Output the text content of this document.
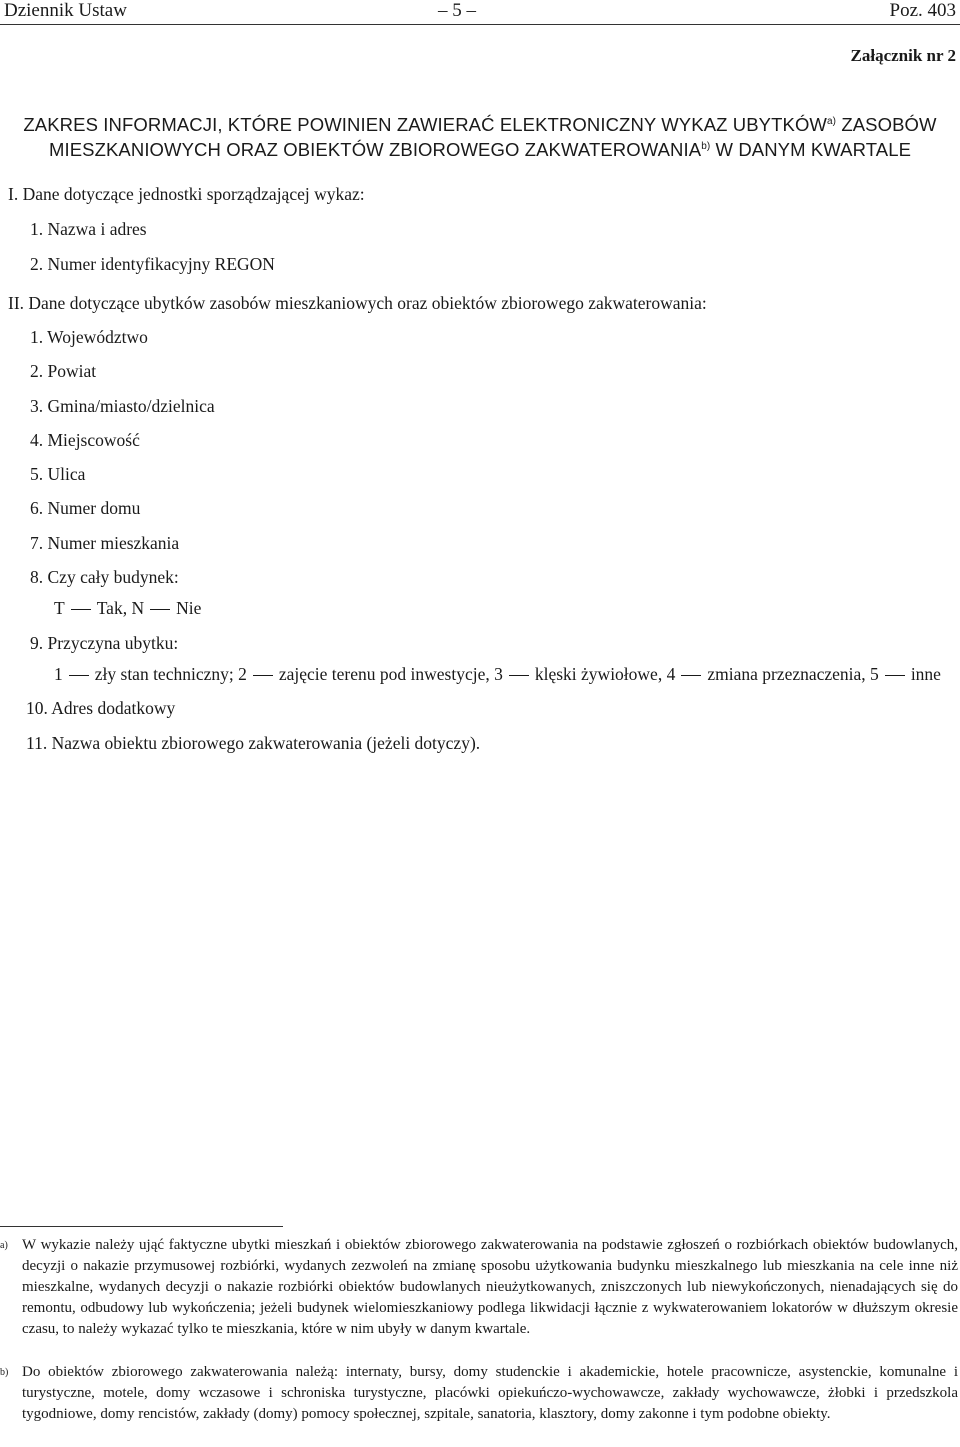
Dziennik Ustaw	– 5 –	Poz. 403
Załącznik nr 2
ZAKRES INFORMACJI, KTÓRE POWINIEN ZAWIERAĆ ELEKTRONICZNY WYKAZ UBYTKÓW$^{a)}$ ZASOBÓW
MIESZKANIOWYCH ORAZ OBIEKTÓW ZBIOROWEGO ZAKWATEROWANIA$^{b)}$ W DANYM KWARTALE
I. Dane dotyczące jednostki sporządzającej wykaz:
1. Nazwa i adres
2. Numer identyfikacyjny REGON
II. Dane dotyczące ubytków zasobów mieszkaniowych oraz obiektów zbiorowego zakwaterowania:
1. Województwo
2. Powiat
3. Gmina/miasto/dzielnica
4. Miejscowość
5. Ulica
6. Numer domu
7. Numer mieszkania
8. Czy cały budynek:
T Tak, N Nie
9. Przyczyna ubytku:
1 zły stan techniczny; 2 zajęcie terenu pod inwestycje, 3 klęski żywiołowe, 4 zmiana przeznaczenia, 5 inne
10. Adres dodatkowy
11. Nazwa obiektu zbiorowego zakwaterowania (jeżeli dotyczy).
a) W wykazie należy ująć faktyczne ubytki mieszkań i obiektów zbiorowego zakwaterowania na podstawie zgłoszeń o rozbiórkach obiektów budowlanych, decyzji o nakazie przymusowej rozbiórki, wydanych zezwoleń na zmianę sposobu użytkowania budynku mieszkalnego lub mieszkania na cele inne niż mieszkalne, wydanych decyzji o nakazie rozbiórki obiektów budowlanych nieużytkowanych, zniszczonych lub niewykończonych, nienadających się do remontu, odbudowy lub wykończenia; jeżeli budynek wielomieszkaniowy podlega likwidacji łącznie z wykwaterowaniem lokatorów w dłuższym okresie czasu, to należy wykazać tylko te mieszkania, które w nim ubyły w danym kwartale.

b) Do obiektów zbiorowego zakwaterowania należą: internaty, bursy, domy studenckie i akademickie, hotele pracownicze, asystenckie, komunalne i turystyczne, motele, domy wczasowe i schroniska turystyczne, placówki opiekuńczo-wychowawcze, zakłady wychowawcze, żłobki i przedszkola tygodniowe, domy rencistów, zakłady (domy) pomocy społecznej, szpitale, sanatoria, klasztory, domy zakonne i tym podobne obiekty.
